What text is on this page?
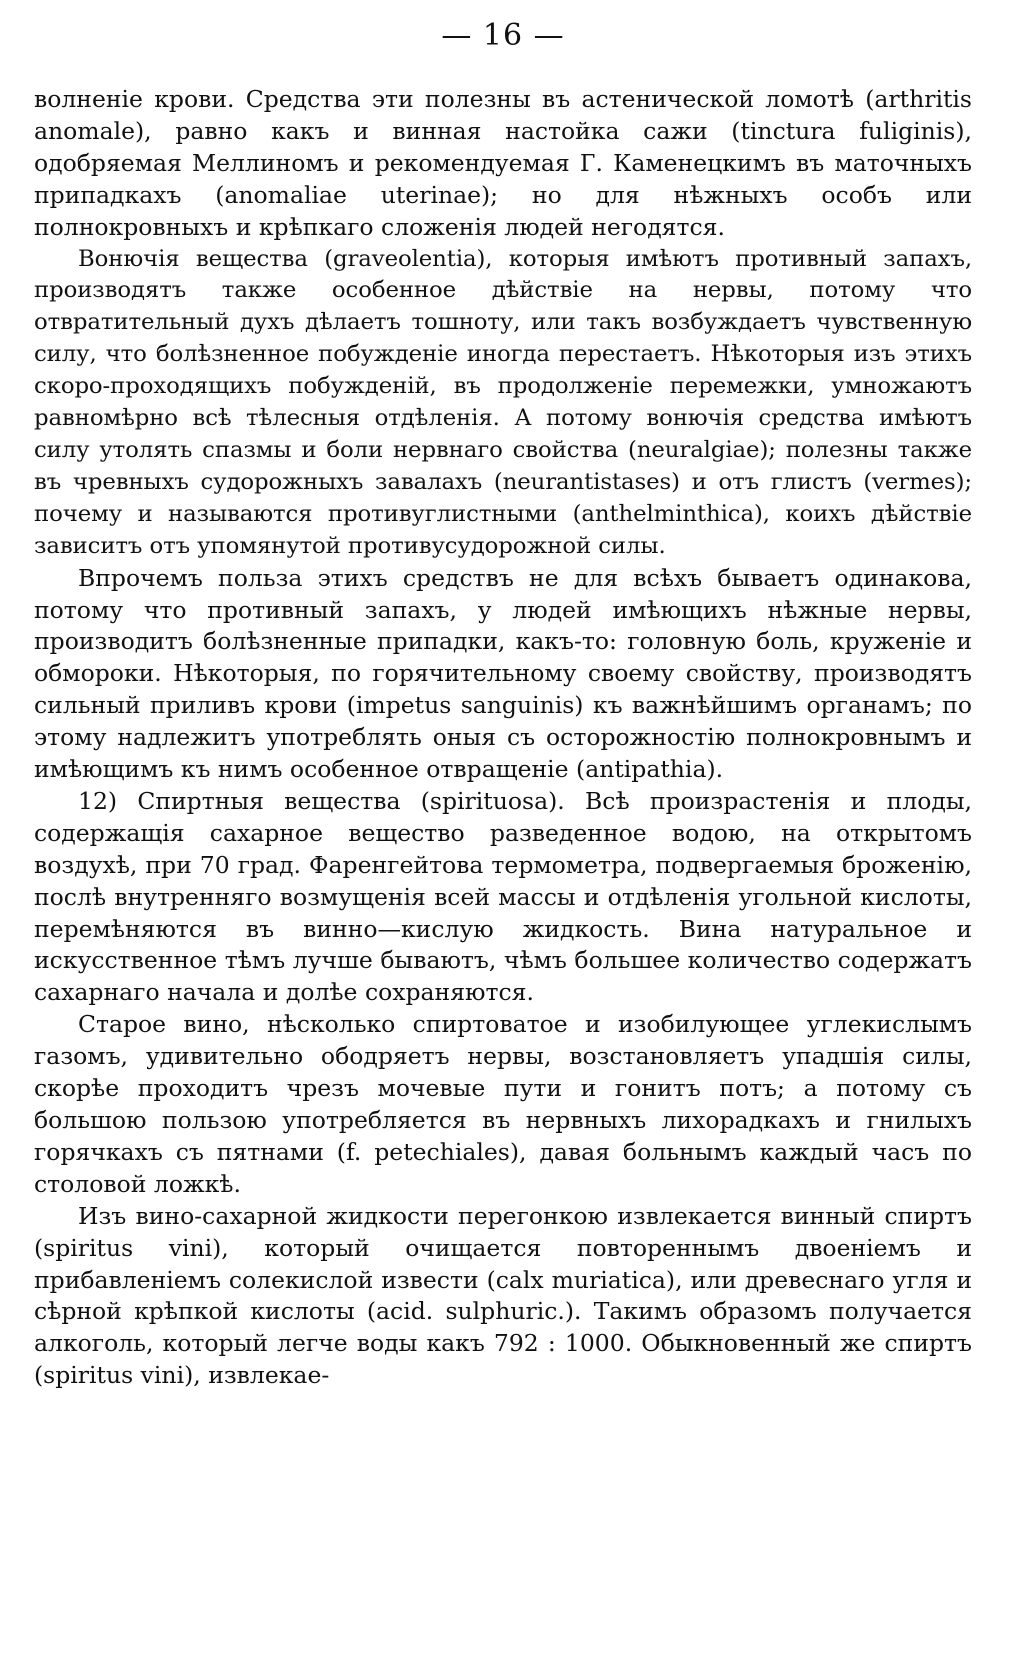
— 16 —

волненіе крови. Средства эти полезны въ астенической ломотѣ (arthritis anomale), равно какъ и винная настойка сажи (tinctura fuliginis), одобряемая Меллиномъ и рекомендуемая Г. Каменецкимъ въ маточныхъ припадкахъ (anomaliae uterinae); но для нѣжныхъ особъ или полнокровныхъ и крѣпкаго сложенія людей негодятся.

Вонючія вещества (graveolentia), которыя имѣютъ противный запахъ, производятъ также особенное дѣйствіе на нервы, потому что отвратительный духъ дѣлаетъ тошноту, или такъ возбуждаетъ чувственную силу, что болѣзненное побужденіе иногда перестаетъ. Нѣкоторыя изъ этихъ скоро-проходящихъ побужденій, въ продолженіе перемежки, умножаютъ равномѣрно всѣ тѣлесныя отдѣленія. А потому вонючія средства имѣютъ силу утолять спазмы и боли нервнаго свойства (neuralgiae); полезны также въ чревныхъ судорожныхъ завалахъ (neurantistases) и отъ глистъ (vermes); почему и называются противуглистными (anthelminthica), коихъ дѣйствіе зависитъ отъ упомянутой противусудорожной силы.

Впрочемъ польза этихъ средствъ не для всѣхъ бываетъ одинакова, потому что противный запахъ, у людей имѣющихъ нѣжные нервы, производитъ болѣзненные припадки, какъ-то: головную боль, круженіе и обмороки. Нѣкоторыя, по горячительному своему свойству, производятъ сильный приливъ крови (impetus sanguinis) къ важнѣйшимъ органамъ; по этому надлежитъ употреблять оныя съ осторожностію полнокровнымъ и имѣющимъ къ нимъ особенное отвращеніе (antipathia).

12) Спиртныя вещества (spirituosa). Всѣ произрастенія и плоды, содержащія сахарное вещество разведенное водою, на открытомъ воздухѣ, при 70 град. Фаренгейтова термометра, подвергаемыя броженію, послѣ внутренняго возмущенія всей массы и отдѣленія угольной кислоты, перемѣняются въ винно—кислую жидкость. Вина натуральное и искусственное тѣмъ лучше бываютъ, чѣмъ большее количество содержатъ сахарнаго начала и долѣе сохраняются.

Старое вино, нѣсколько спиртоватое и изобилующее углекислымъ газомъ, удивительно ободряетъ нервы, возстановляетъ упадшія силы, скорѣе проходитъ чрезъ мочевые пути и гонитъ потъ; а потому съ большою пользою употребляется въ нервныхъ лихорадкахъ и гнилыхъ горячкахъ съ пятнами (f. petechiales), давая больнымъ каждый часъ по столовой ложкѣ.

Изъ вино-сахарной жидкости перегонкою извлекается винный спиртъ (spiritus vini), который очищается повтореннымъ двоеніемъ и прибавленіемъ солекислой извести (calx muriatica), или древеснаго угля и сѣрной крѣпкой кислоты (acid. sulphuric.). Такимъ образомъ получается алкоголь, который легче воды какъ 792 : 1000. Обыкновенный же спиртъ (spiritus vini), извлекае-
